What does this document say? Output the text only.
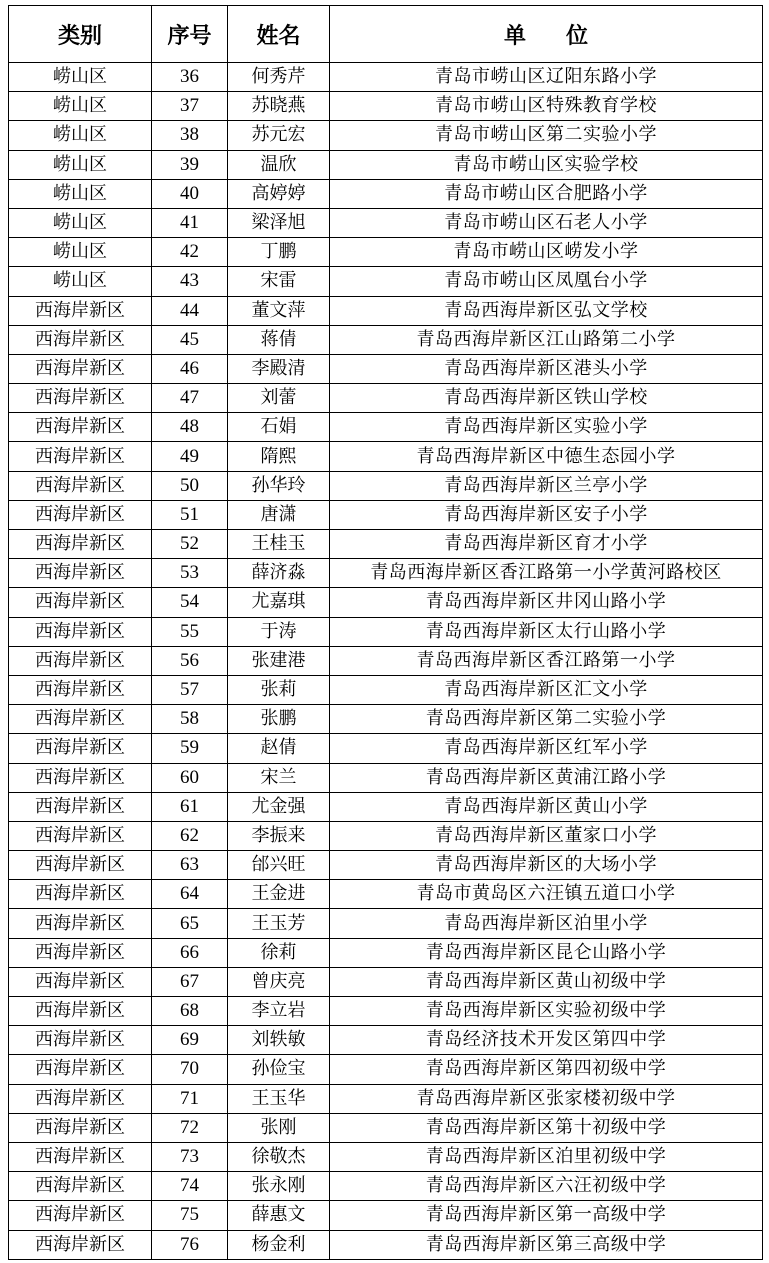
类别	序号	姓名	单位
崂山区	36	何秀芹	青岛市崂山区辽阳东路小学
崂山区	37	苏晓燕	青岛市崂山区特殊教育学校
崂山区	38	苏元宏	青岛市崂山区第二实验小学
崂山区	39	温欣	青岛市崂山区实验学校
崂山区	40	高婷婷	青岛市崂山区合肥路小学
崂山区	41	梁泽旭	青岛市崂山区石老人小学
崂山区	42	丁鹏	青岛市崂山区崂发小学
崂山区	43	宋雷	青岛市崂山区凤凰台小学
西海岸新区	44	董文萍	青岛西海岸新区弘文学校
西海岸新区	45	蒋倩	青岛西海岸新区江山路第二小学
西海岸新区	46	李殿清	青岛西海岸新区港头小学
西海岸新区	47	刘蕾	青岛西海岸新区铁山学校
西海岸新区	48	石娟	青岛西海岸新区实验小学
西海岸新区	49	隋熙	青岛西海岸新区中德生态园小学
西海岸新区	50	孙华玲	青岛西海岸新区兰亭小学
西海岸新区	51	唐潇	青岛西海岸新区安子小学
西海岸新区	52	王桂玉	青岛西海岸新区育才小学
西海岸新区	53	薛济淼	青岛西海岸新区香江路第一小学黄河路校区
西海岸新区	54	尤嘉琪	青岛西海岸新区井冈山路小学
西海岸新区	55	于涛	青岛西海岸新区太行山路小学
西海岸新区	56	张建港	青岛西海岸新区香江路第一小学
西海岸新区	57	张莉	青岛西海岸新区汇文小学
西海岸新区	58	张鹏	青岛西海岸新区第二实验小学
西海岸新区	59	赵倩	青岛西海岸新区红军小学
西海岸新区	60	宋兰	青岛西海岸新区黄浦江路小学
西海岸新区	61	尤金强	青岛西海岸新区黄山小学
西海岸新区	62	李振来	青岛西海岸新区董家口小学
西海岸新区	63	邰兴旺	青岛西海岸新区的大场小学
西海岸新区	64	王金进	青岛市黄岛区六汪镇五道口小学
西海岸新区	65	王玉芳	青岛西海岸新区泊里小学
西海岸新区	66	徐莉	青岛西海岸新区昆仑山路小学
西海岸新区	67	曾庆亮	青岛西海岸新区黄山初级中学
西海岸新区	68	李立岩	青岛西海岸新区实验初级中学
西海岸新区	69	刘轶敏	青岛经济技术开发区第四中学
西海岸新区	70	孙俭宝	青岛西海岸新区第四初级中学
西海岸新区	71	王玉华	青岛西海岸新区张家楼初级中学
西海岸新区	72	张刚	青岛西海岸新区第十初级中学
西海岸新区	73	徐敬杰	青岛西海岸新区泊里初级中学
西海岸新区	74	张永刚	青岛西海岸新区六汪初级中学
西海岸新区	75	薛惠文	青岛西海岸新区第一高级中学
西海岸新区	76	杨金利	青岛西海岸新区第三高级中学
